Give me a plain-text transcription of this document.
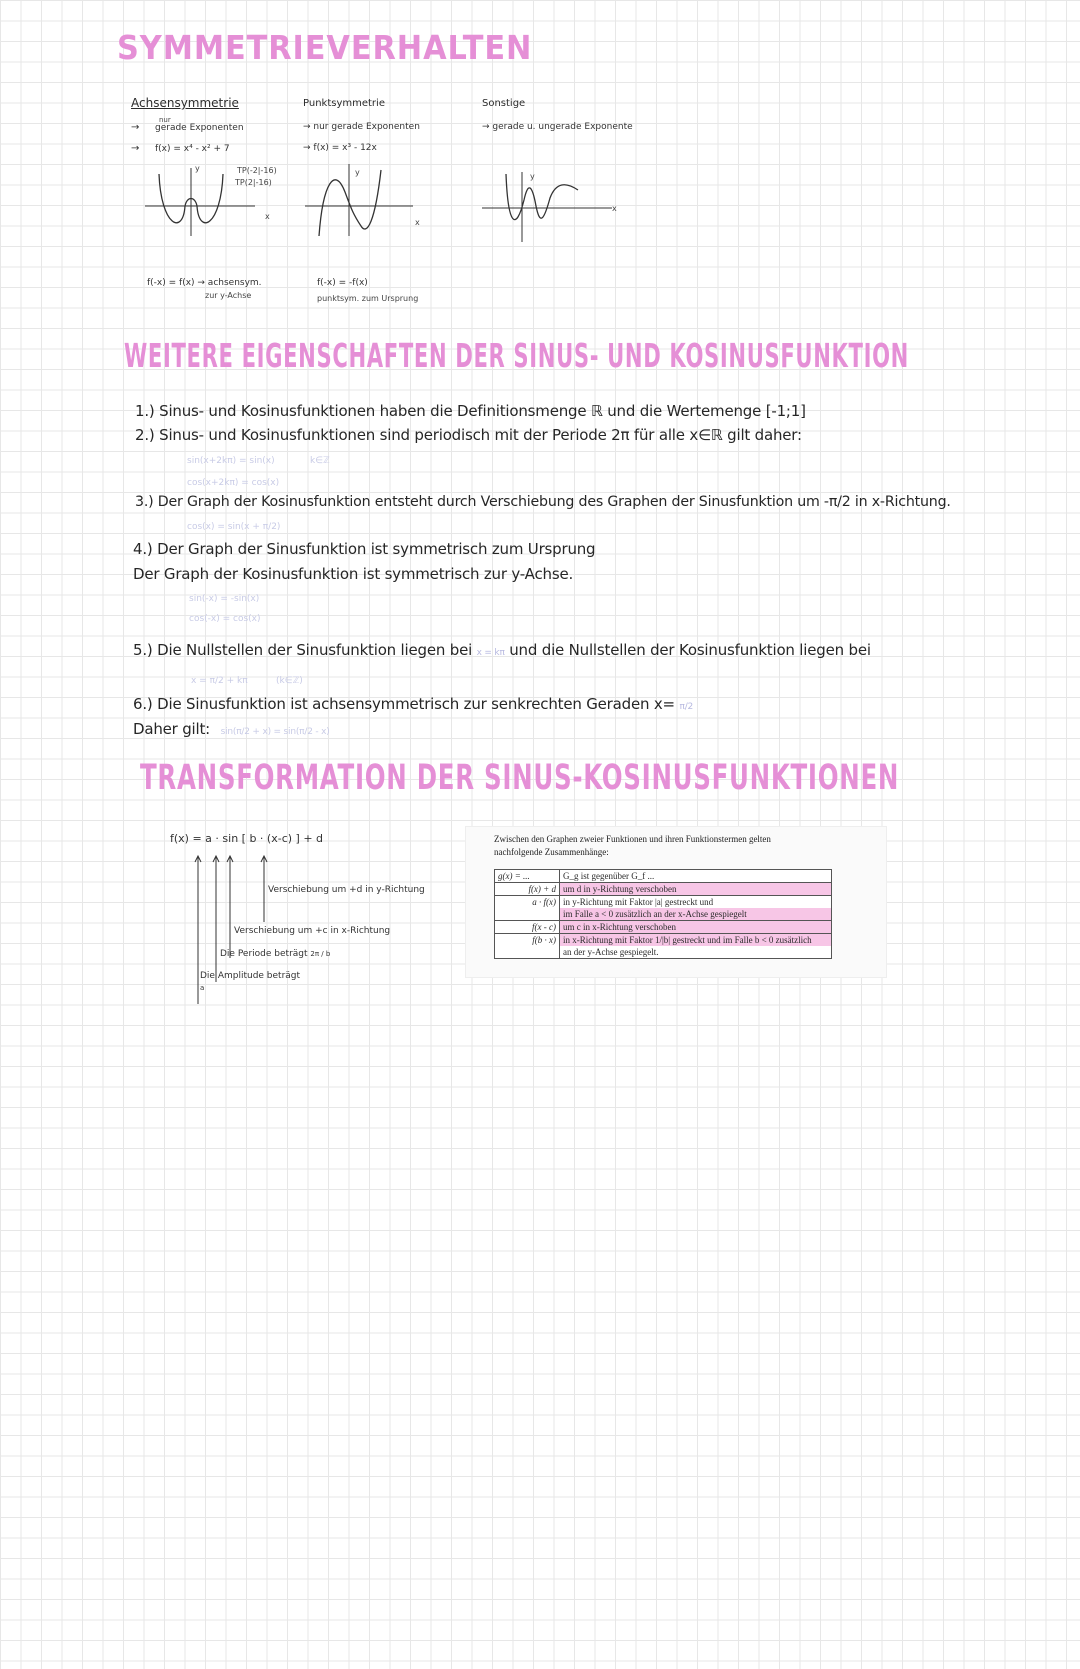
SYMMETRIEVERHALTEN
Achsensymmetrie
nur
→ gerade Exponenten
→ f(x) = x⁴ - x² + 7
TP(-2|-16)
TP(2|-16)
y
x
f(-x) = f(x) → achsensym.
zur y-Achse
Punktsymmetrie
→ nur gerade Exponenten
→ f(x) = x³ - 12x
y
x
f(-x) = -f(x)
punktsym. zum Ursprung
Sonstige
→ gerade u. ungerade Exponente
y
x
WEITERE EIGENSCHAFTEN DER SINUS- UND KOSINUSFUNKTION
1.) Sinus- und Kosinusfunktionen haben die Definitionsmenge ℝ und die Wertemenge [-1;1]
2.) Sinus- und Kosinusfunktionen sind periodisch mit der Periode 2π für alle x∈ℝ gilt daher:
sin(x+2kπ) = sin(x)	k∈ℤ
cos(x+2kπ) = cos(x)
3.) Der Graph der Kosinusfunktion entsteht durch Verschiebung des Graphen der Sinusfunktion um -π/2 in x-Richtung.
cos(x) = sin(x + π/2)
4.) Der Graph der Sinusfunktion ist symmetrisch zum Ursprung
Der Graph der Kosinusfunktion ist symmetrisch zur y-Achse.
sin(-x) = -sin(x)
cos(-x) = cos(x)
5.) Die Nullstellen der Sinusfunktion liegen bei x = kπ und die Nullstellen der Kosinusfunktion liegen bei
x = π/2 + kπ	(k∈ℤ)
6.) Die Sinusfunktion ist achsensymmetrisch zur senkrechten Geraden x= π/2
Daher gilt: sin(π/2 + x) = sin(π/2 - x)
TRANSFORMATION DER SINUS-KOSINUSFUNKTIONEN
f(x) = a · sin [ b · (x-c) ] + d
Verschiebung um +d in y-Richtung
Verschiebung um +c in x-Richtung
Die Periode beträgt 2π / b
Die Amplitude beträgt
a
Zwischen den Graphen zweier Funktionen und ihren Funktionstermen gelten nachfolgende Zusammenhänge:
g(x) = ...	G_g ist gegenüber G_f ...
f(x) + d	um d in y-Richtung verschoben
a · f(x)	in y-Richtung mit Faktor |a| gestreckt und
	im Falle a < 0 zusätzlich an der x-Achse gespiegelt
f(x - c)	um c in x-Richtung verschoben
f(b · x)	in x-Richtung mit Faktor 1/|b| gestreckt und im Falle b < 0 zusätzlich
	an der y-Achse gespiegelt.
